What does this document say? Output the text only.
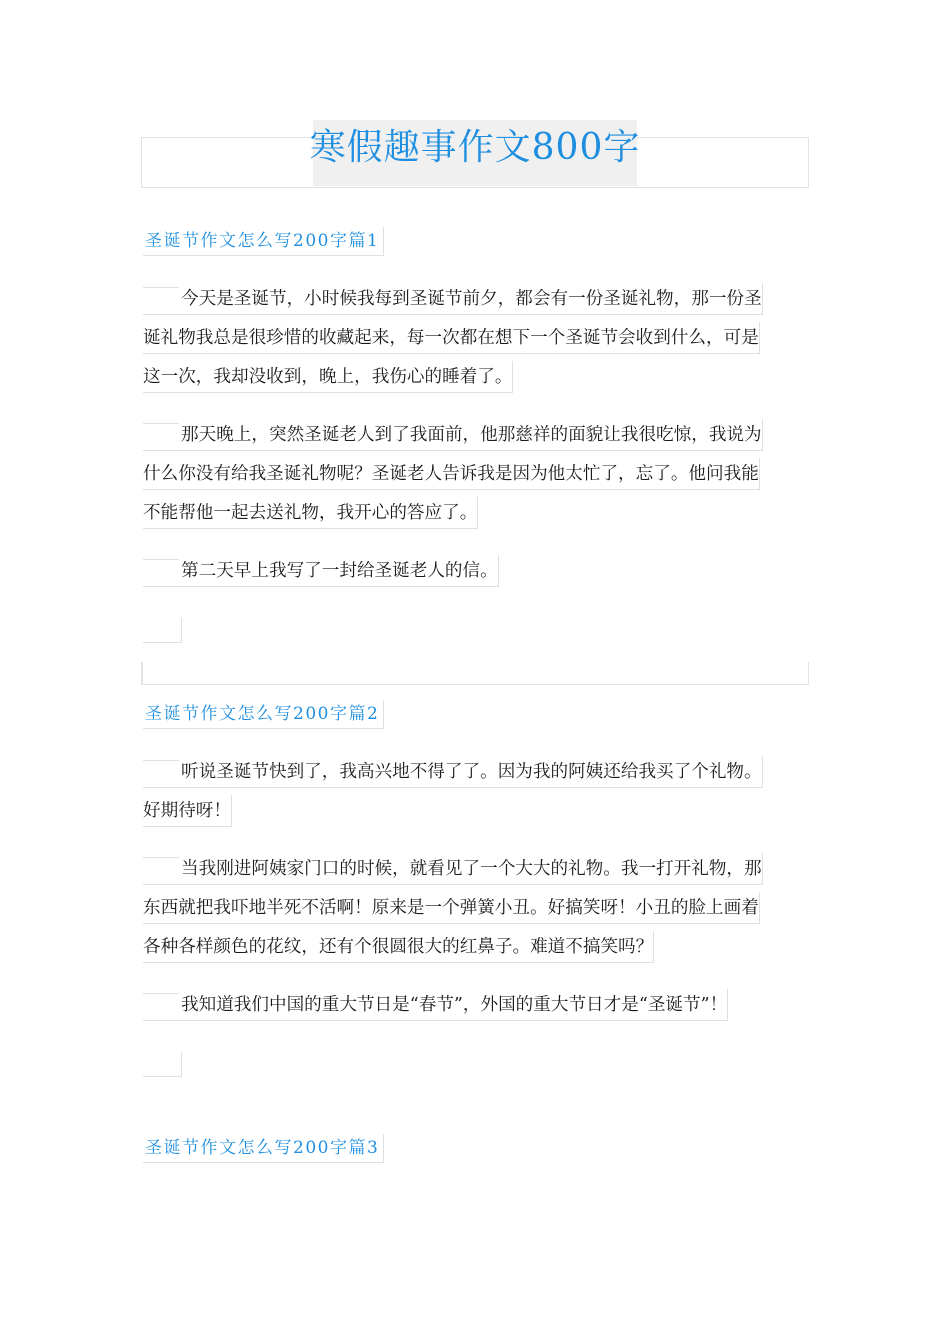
寒假趣事作文800字
圣诞节作文怎么写200字篇1
今天是圣诞节，小时候我每到圣诞节前夕，都会有一份圣诞礼物，那一份圣
诞礼物我总是很珍惜的收藏起来，每一次都在想下一个圣诞节会收到什么，可是
这一次，我却没收到，晚上，我伤心的睡着了。
那天晚上，突然圣诞老人到了我面前，他那慈祥的面貌让我很吃惊，我说为
什么你没有给我圣诞礼物呢？圣诞老人告诉我是因为他太忙了，忘了。他问我能
不能帮他一起去送礼物，我开心的答应了。
第二天早上我写了一封给圣诞老人的信。
圣诞节作文怎么写200字篇2
听说圣诞节快到了，我高兴地不得了了。因为我的阿姨还给我买了个礼物。
好期待呀！
当我刚进阿姨家门口的时候，就看见了一个大大的礼物。我一打开礼物，那
东西就把我吓地半死不活啊！原来是一个弹簧小丑。好搞笑呀！小丑的脸上画着
各种各样颜色的花纹，还有个很圆很大的红鼻子。难道不搞笑吗？
我知道我们中国的重大节日是“春节”，外国的重大节日才是“圣诞节”！
圣诞节作文怎么写200字篇3
